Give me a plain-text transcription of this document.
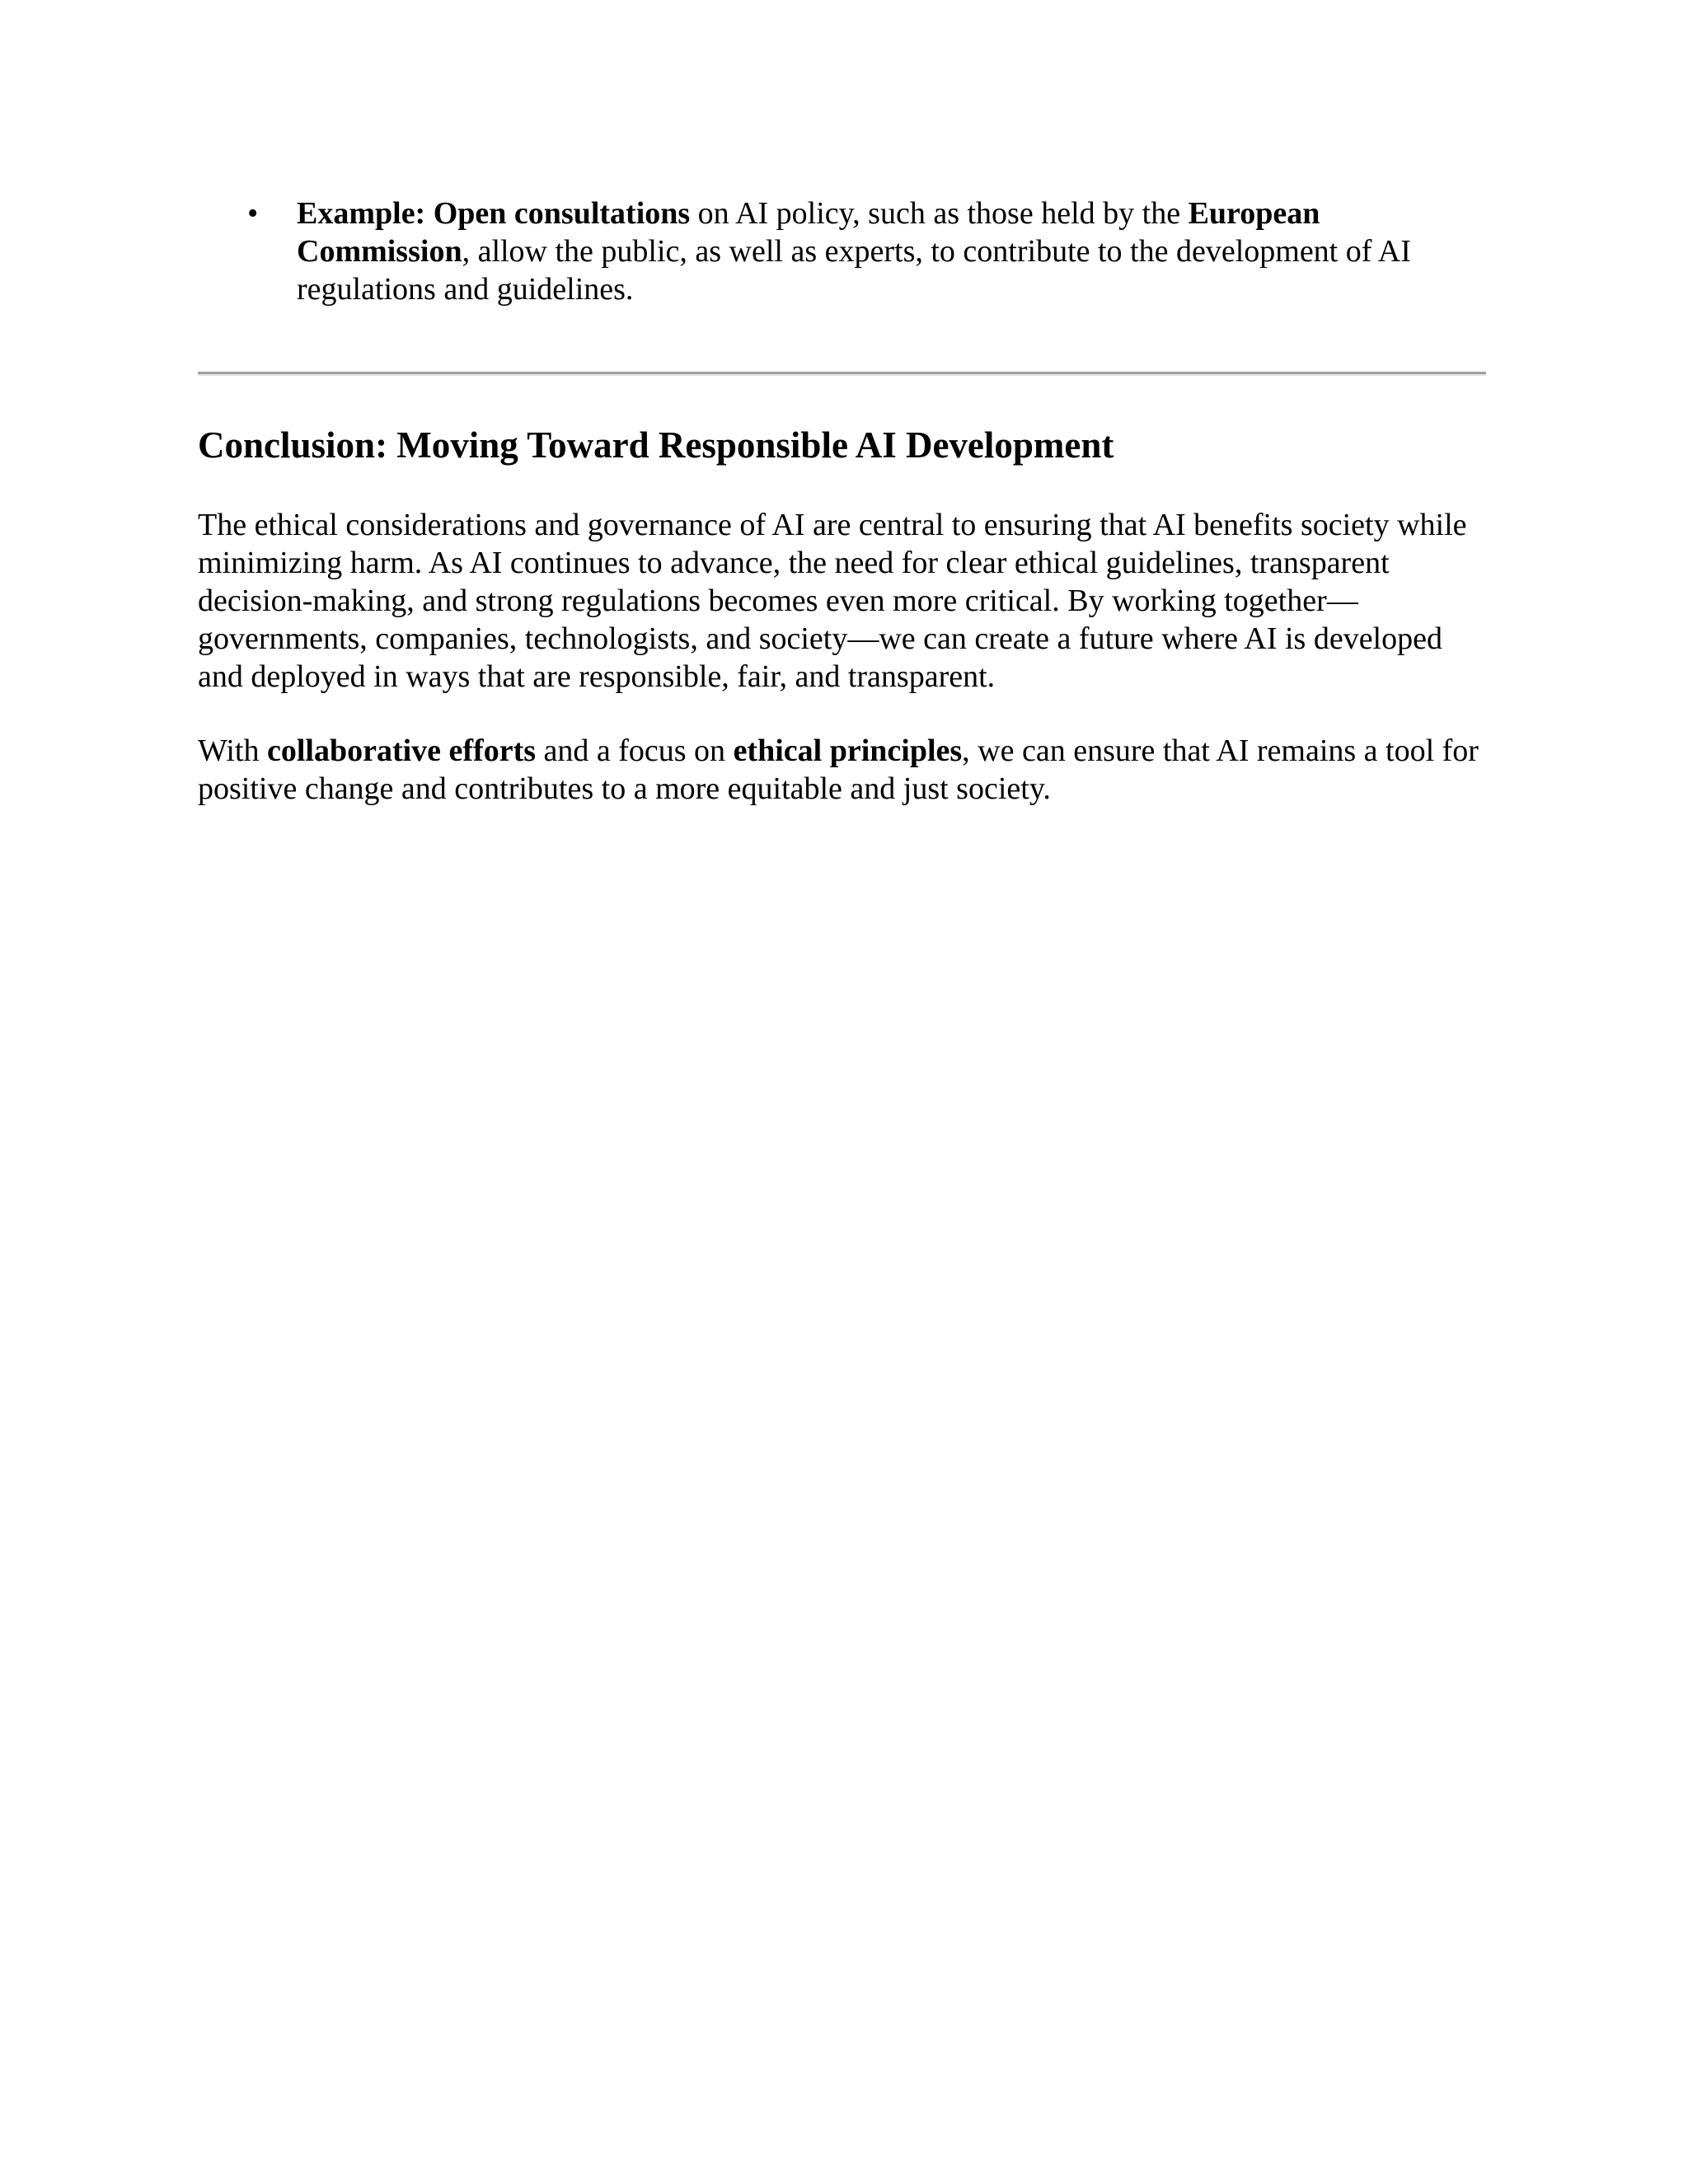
• Example: Open consultations on AI policy, such as those held by the European Commission, allow the public, as well as experts, to contribute to the development of AI regulations and guidelines.
Conclusion: Moving Toward Responsible AI Development

The ethical considerations and governance of AI are central to ensuring that AI benefits society while minimizing harm. As AI continues to advance, the need for clear ethical guidelines, transparent decision-making, and strong regulations becomes even more critical. By working together—governments, companies, technologists, and society—we can create a future where AI is developed and deployed in ways that are responsible, fair, and transparent.

With collaborative efforts and a focus on ethical principles, we can ensure that AI remains a tool for positive change and contributes to a more equitable and just society.
